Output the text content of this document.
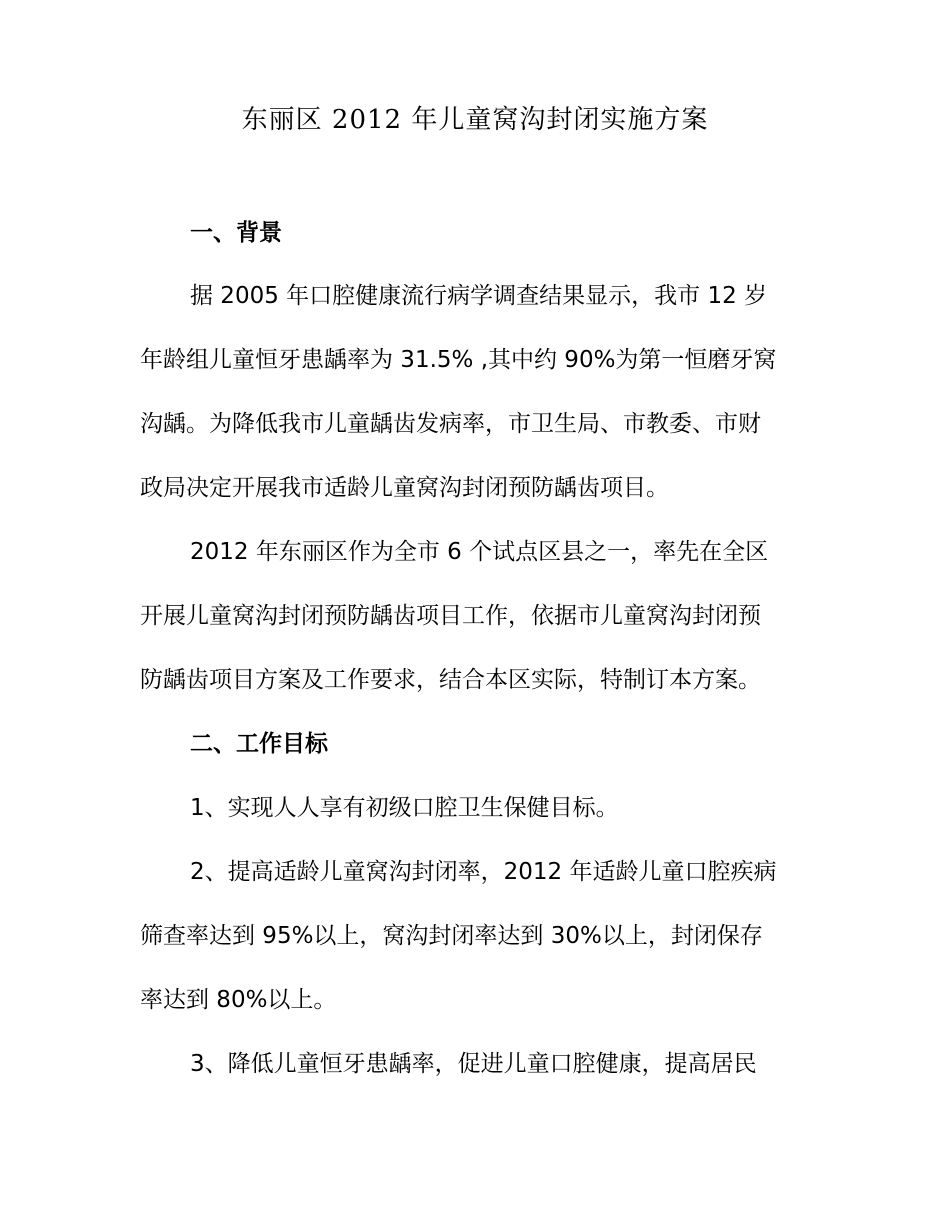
东丽区 2012 年儿童窝沟封闭实施方案
一、背景
据 2005 年口腔健康流行病学调查结果显示，我市 12 岁
年龄组儿童恒牙患龋率为 31.5% ,其中约 90%为第一恒磨牙窝
沟龋。为降低我市儿童龋齿发病率，市卫生局、市教委、市财
政局决定开展我市适龄儿童窝沟封闭预防龋齿项目。
2012 年东丽区作为全市 6 个试点区县之一，率先在全区
开展儿童窝沟封闭预防龋齿项目工作，依据市儿童窝沟封闭预
防龋齿项目方案及工作要求，结合本区实际，特制订本方案。
二、工作目标
1、实现人人享有初级口腔卫生保健目标。
2、提高适龄儿童窝沟封闭率，2012 年适龄儿童口腔疾病
筛查率达到 95%以上，窝沟封闭率达到 30%以上，封闭保存
率达到 80%以上。
3、降低儿童恒牙患龋率，促进儿童口腔健康，提高居民
